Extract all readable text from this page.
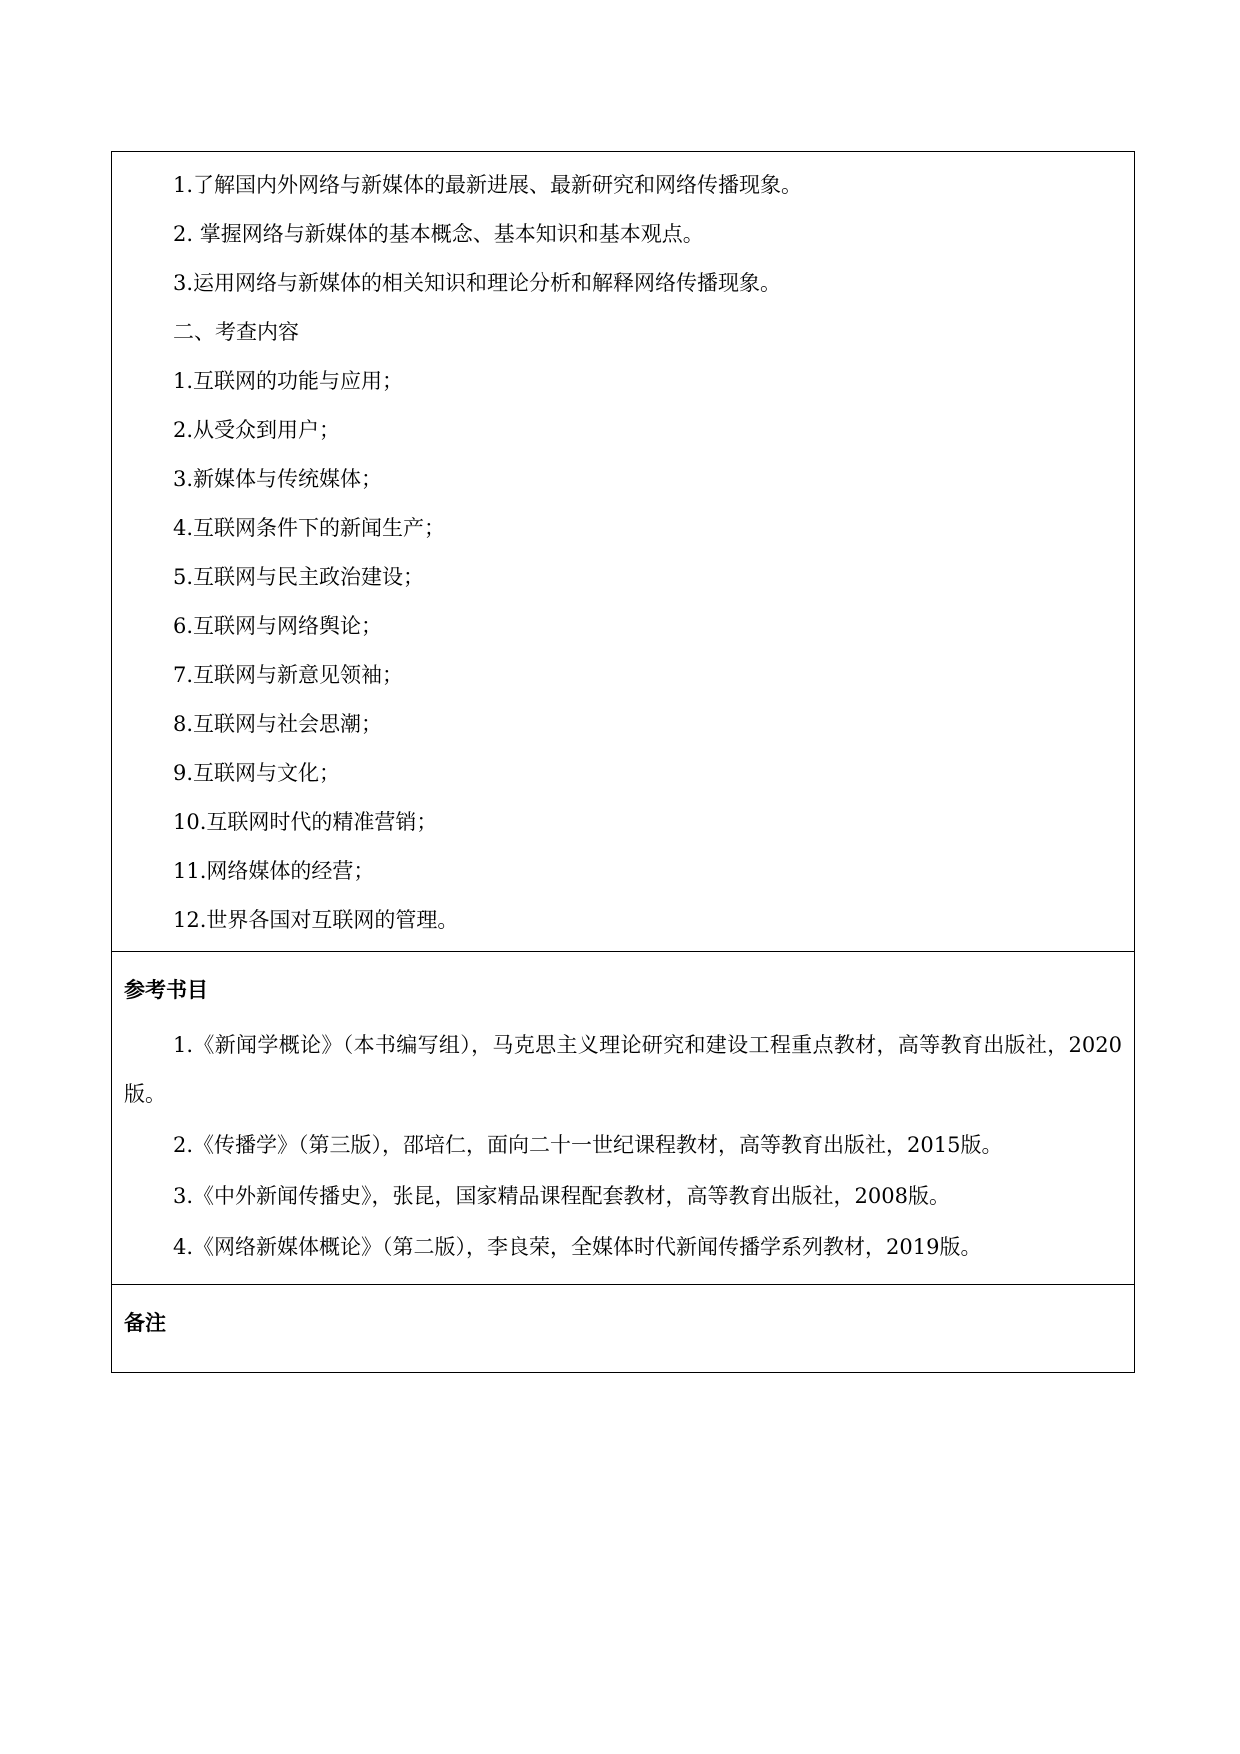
1.了解国内外网络与新媒体的最新进展、最新研究和网络传播现象。
2. 掌握网络与新媒体的基本概念、基本知识和基本观点。
3.运用网络与新媒体的相关知识和理论分析和解释网络传播现象。
二、考查内容
1.互联网的功能与应用；
2.从受众到用户；
3.新媒体与传统媒体；
4.互联网条件下的新闻生产；
5.互联网与民主政治建设；
6.互联网与网络舆论；
7.互联网与新意见领袖；
8.互联网与社会思潮；
9.互联网与文化；
10.互联网时代的精准营销；
11.网络媒体的经营；
12.世界各国对互联网的管理。

参考书目
1.《新闻学概论》（本书编写组），马克思主义理论研究和建设工程重点教材，高等教育出版社，2020版。
2.《传播学》（第三版），邵培仁，面向二十一世纪课程教材，高等教育出版社，2015版。
3.《中外新闻传播史》，张昆，国家精品课程配套教材，高等教育出版社，2008版。
4.《网络新媒体概论》（第二版），李良荣，全媒体时代新闻传播学系列教材，2019版。

备注
